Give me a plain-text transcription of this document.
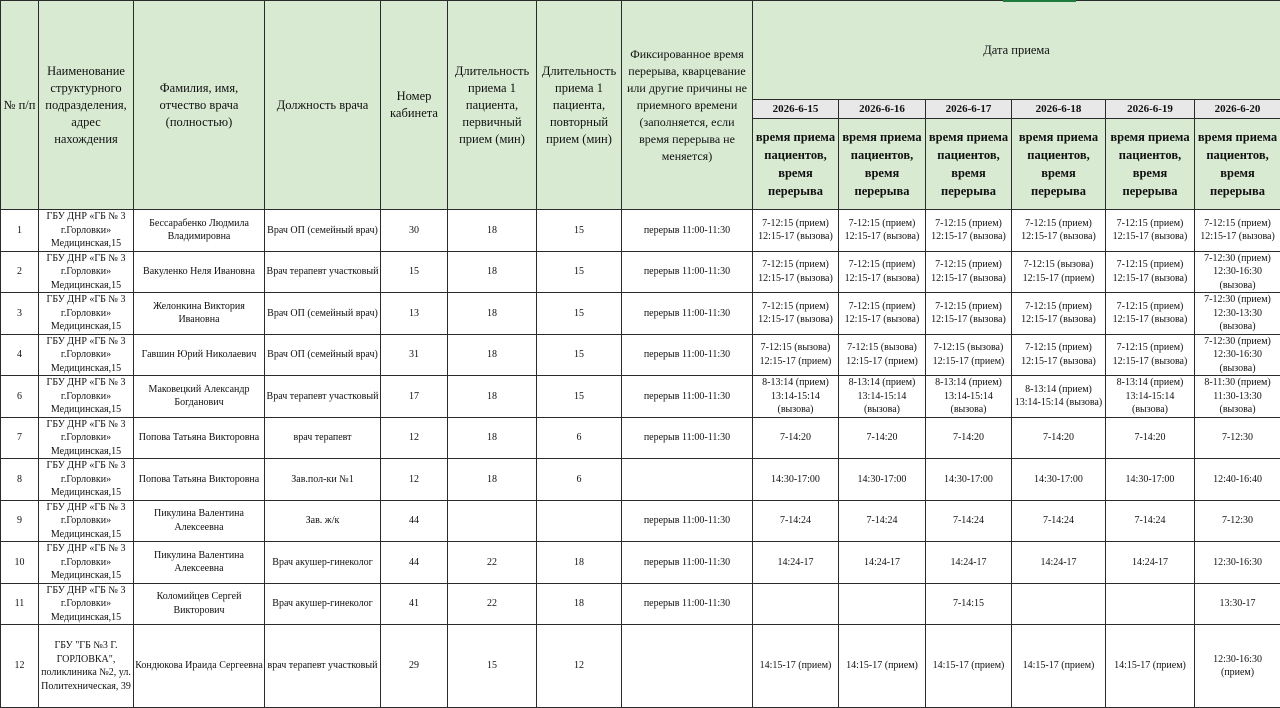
№ п/п	Наименование структурного подразделения, адрес нахождения	Фамилия, имя, отчество врача (полностью)	Должность врача	Номер кабинета	Длительность приема 1 пациента, первичный прием (мин)	Длительность приема 1 пациента, повторный прием (мин)	Фиксированное время перерыва, кварцевание или другие причины не приемного времени (заполняется, если время перерыва не меняется)	Дата приема					
								2026-6-15	2026-6-16	2026-6-17	2026-6-18	2026-6-19	2026-6-20
								время приема пациентов, время перерыва	время приема пациентов, время перерыва	время приема пациентов, время перерыва	время приема пациентов, время перерыва	время приема пациентов, время перерыва	время приема пациентов, время перерыва
1	ГБУ ДНР «ГБ № 3 г.Горловки» Медицинская,15	Бессарабенко Людмила Владимировна	Врач ОП (семейный врач)	30	18	15	перерыв 11:00-11:30	7-12:15 (прием) 12:15-17 (вызова)	7-12:15 (прием) 12:15-17 (вызова)	7-12:15 (прием) 12:15-17 (вызова)	7-12:15 (прием) 12:15-17 (вызова)	7-12:15 (прием) 12:15-17 (вызова)	7-12:15 (прием) 12:15-17 (вызова)
2	ГБУ ДНР «ГБ № 3 г.Горловки» Медицинская,15	Вакуленко Неля Ивановна	Врач терапевт участковый	15	18	15	перерыв 11:00-11:30	7-12:15 (прием) 12:15-17 (вызова)	7-12:15 (прием) 12:15-17 (вызова)	7-12:15 (прием) 12:15-17 (вызова)	7-12:15 (вызова) 12:15-17 (прием)	7-12:15 (прием) 12:15-17 (вызова)	7-12:30 (прием) 12:30-16:30 (вызова)
3	ГБУ ДНР «ГБ № 3 г.Горловки» Медицинская,15	Желонкина Виктория Ивановна	Врач ОП (семейный врач)	13	18	15	перерыв 11:00-11:30	7-12:15 (прием) 12:15-17 (вызова)	7-12:15 (прием) 12:15-17 (вызова)	7-12:15 (прием) 12:15-17 (вызова)	7-12:15 (прием) 12:15-17 (вызова)	7-12:15 (прием) 12:15-17 (вызова)	7-12:30 (прием) 12:30-13:30 (вызова)
4	ГБУ ДНР «ГБ № 3 г.Горловки» Медицинская,15	Гавшин Юрий Николаевич	Врач ОП (семейный врач)	31	18	15	перерыв 11:00-11:30	7-12:15 (вызова) 12:15-17 (прием)	7-12:15 (вызова) 12:15-17 (прием)	7-12:15 (вызова) 12:15-17 (прием)	7-12:15 (прием) 12:15-17 (вызова)	7-12:15 (прием) 12:15-17 (вызова)	7-12:30 (прием) 12:30-16:30 (вызова)
6	ГБУ ДНР «ГБ № 3 г.Горловки» Медицинская,15	Маковецкий Александр Богданович	Врач терапевт участковый	17	18	15	перерыв 11:00-11:30	8-13:14 (прием) 13:14-15:14 (вызова)	8-13:14 (прием) 13:14-15:14 (вызова)	8-13:14 (прием) 13:14-15:14 (вызова)	8-13:14 (прием) 13:14-15:14 (вызова)	8-13:14 (прием) 13:14-15:14 (вызова)	8-11:30 (прием) 11:30-13:30 (вызова)
7	ГБУ ДНР «ГБ № 3 г.Горловки» Медицинская,15	Попова Татьяна Викторовна	врач терапевт	12	18	6	перерыв 11:00-11:30	7-14:20	7-14:20	7-14:20	7-14:20	7-14:20	7-12:30
8	ГБУ ДНР «ГБ № 3 г.Горловки» Медицинская,15	Попова Татьяна Викторовна	Зав.пол-ки №1	12	18	6		14:30-17:00	14:30-17:00	14:30-17:00	14:30-17:00	14:30-17:00	12:40-16:40
9	ГБУ ДНР «ГБ № 3 г.Горловки» Медицинская,15	Пикулина Валентина Алексеевна	Зав. ж/к	44			перерыв 11:00-11:30	7-14:24	7-14:24	7-14:24	7-14:24	7-14:24	7-12:30
10	ГБУ ДНР «ГБ № 3 г.Горловки» Медицинская,15	Пикулина Валентина Алексеевна	Врач акушер-гинеколог	44	22	18	перерыв 11:00-11:30	14:24-17	14:24-17	14:24-17	14:24-17	14:24-17	12:30-16:30
11	ГБУ ДНР «ГБ № 3 г.Горловки» Медицинская,15	Коломийцев Сергей Викторович	Врач акушер-гинеколог	41	22	18	перерыв 11:00-11:30			7-14:15			13:30-17
12	ГБУ "ГБ №3 Г. ГОРЛОВКА", поликлиника №2, ул. Политехническая, 39	Кондюкова Ираида Сергеевна	врач терапевт участковый	29	15	12		14:15-17 (прием)	14:15-17 (прием)	14:15-17 (прием)	14:15-17 (прием)	14:15-17 (прием)	12:30-16:30 (прием)
